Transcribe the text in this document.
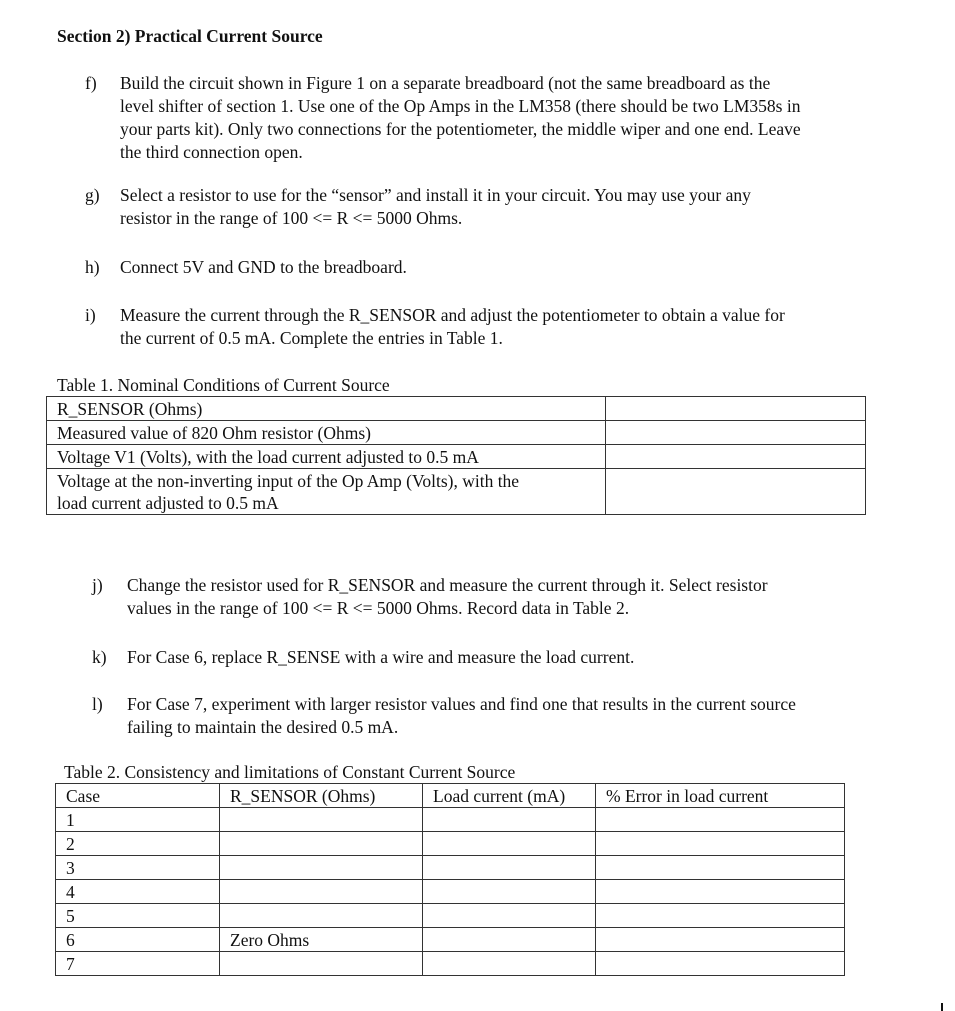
Section 2) Practical Current Source
f) Build the circuit shown in Figure 1 on a separate breadboard (not the same breadboard as the
level shifter of section 1. Use one of the Op Amps in the LM358 (there should be two LM358s in
your parts kit). Only two connections for the potentiometer, the middle wiper and one end. Leave
the third connection open.
g) Select a resistor to use for the “sensor” and install it in your circuit. You may use your any
resistor in the range of 100 <= R <= 5000 Ohms.
h) Connect 5V and GND to the breadboard.
i) Measure the current through the R_SENSOR and adjust the potentiometer to obtain a value for
the current of 0.5 mA. Complete the entries in Table 1.
Table 1. Nominal Conditions of Current Source
R_SENSOR (Ohms)	

Measured value of 820 Ohm resistor (Ohms)	

Voltage V1 (Volts), with the load current adjusted to 0.5 mA	

Voltage at the non-inverting input of the Op Amp (Volts), with the
load current adjusted to 0.5 mA	

j) Change the resistor used for R_SENSOR and measure the current through it. Select resistor
values in the range of 100 <= R <= 5000 Ohms. Record data in Table 2.
k) For Case 6, replace R_SENSE with a wire and measure the load current.
l) For Case 7, experiment with larger resistor values and find one that results in the current source
failing to maintain the desired 0.5 mA.
Table 2. Consistency and limitations of Constant Current Source
Case	R_SENSOR (Ohms)	Load current (mA)	% Error in load current
1			
2			
3			
4			
5			
6	Zero Ohms		
7			
